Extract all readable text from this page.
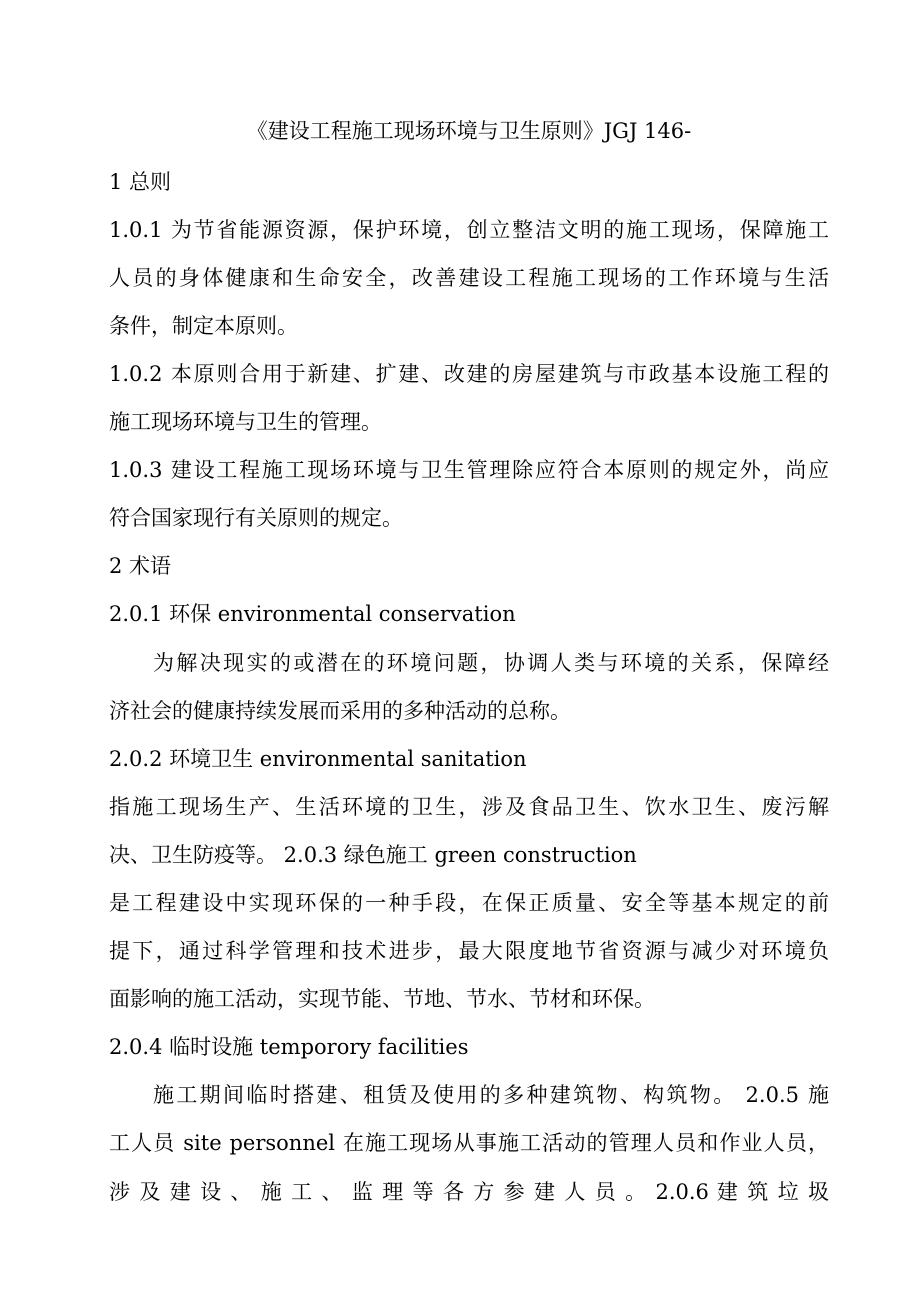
《建设工程施工现场环境与卫生原则》JGJ 146-
1 总则
1.0.1 为节省能源资源，保护环境，创立整洁文明的施工现场，保障施工
人员的身体健康和生命安全，改善建设工程施工现场的工作环境与生活
条件，制定本原则。
1.0.2 本原则合用于新建、扩建、改建的房屋建筑与市政基本设施工程的
施工现场环境与卫生的管理。
1.0.3 建设工程施工现场环境与卫生管理除应符合本原则的规定外，尚应
符合国家现行有关原则的规定。
2 术语
2.0.1 环保 environmental conservation
为解决现实的或潜在的环境问题，协调人类与环境的关系，保障经
济社会的健康持续发展而采用的多种活动的总称。
2.0.2 环境卫生 environmental sanitation
指施工现场生产、生活环境的卫生，涉及食品卫生、饮水卫生、废污解
决、卫生防疫等。 2.0.3 绿色施工 green construction
是工程建设中实现环保的一种手段，在保正质量、安全等基本规定的前
提下，通过科学管理和技术进步，最大限度地节省资源与减少对环境负
面影响的施工活动，实现节能、节地、节水、节材和环保。
2.0.4 临时设施 temporory facilities
施工期间临时搭建、租赁及使用的多种建筑物、构筑物。 2.0.5 施
工人员 site personnel 在施工现场从事施工活动的管理人员和作业人员，
涉 及 建 设 、 施 工 、 监 理 等 各 方 参 建 人 员 。 2.0.6 建 筑 垃 圾
